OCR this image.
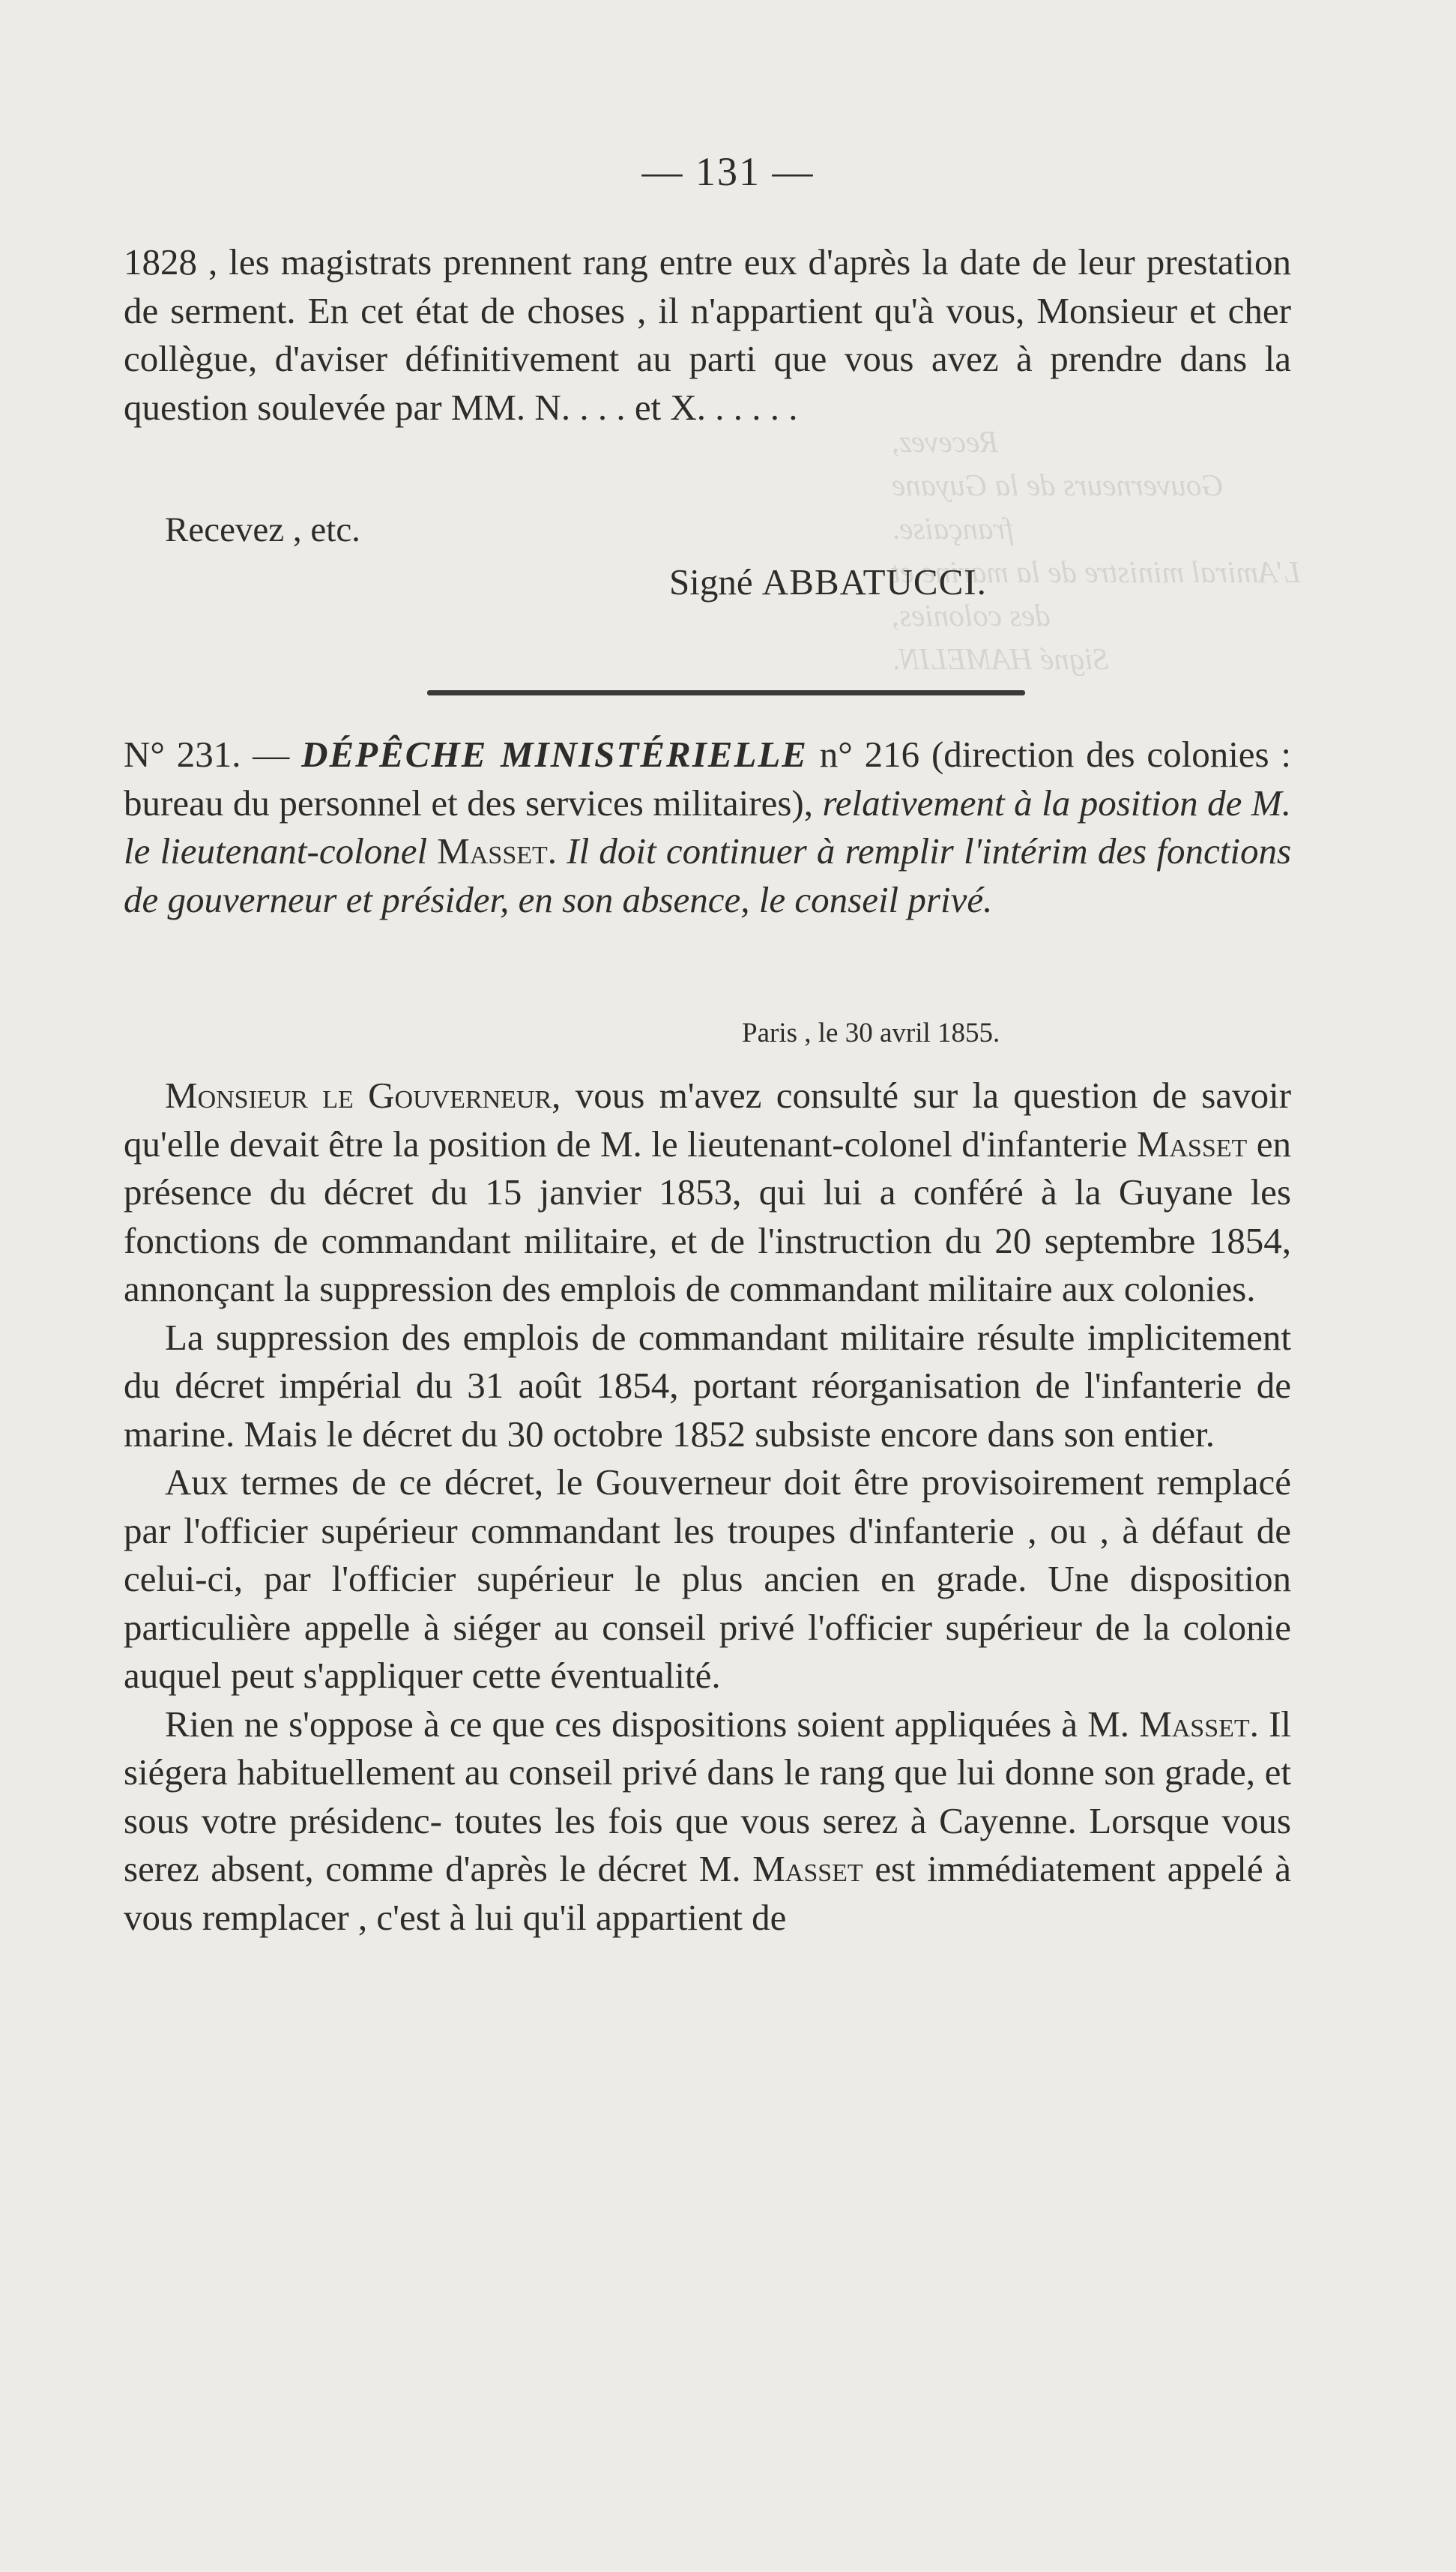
Recevez,
Gouverneurs de la Guyane française.
L'Amiral ministre de la marine et des colonies,
Signé HAMELIN.
— 131 —
1828 , les magistrats prennent rang entre eux d'après la date de leur prestation de serment. En cet état de choses , il n'appartient qu'à vous, Monsieur et cher collègue, d'aviser définitivement au parti que vous avez à prendre dans la question soulevée par MM. N. . . . et X. . . . . .
Recevez , etc.
Signé ABBATUCCI.
N° 231. — DÉPÊCHE MINISTÉRIELLE n° 216 (direction des colonies : bureau du personnel et des services militaires), relativement à la position de M. le lieutenant-colonel Masset. Il doit continuer à remplir l'intérim des fonctions de gouverneur et présider, en son absence, le conseil privé.
Paris , le 30 avril 1855.
Monsieur le Gouverneur, vous m'avez consulté sur la question de savoir qu'elle devait être la position de M. le lieutenant-colonel d'infanterie Masset en présence du décret du 15 janvier 1853, qui lui a conféré à la Guyane les fonctions de commandant militaire, et de l'instruction du 20 septembre 1854, annonçant la suppression des emplois de commandant militaire aux colonies.
La suppression des emplois de commandant militaire résulte implicitement du décret impérial du 31 août 1854, portant réorganisation de l'infanterie de marine. Mais le décret du 30 octobre 1852 subsiste encore dans son entier.
Aux termes de ce décret, le Gouverneur doit être provisoirement remplacé par l'officier supérieur commandant les troupes d'infanterie , ou , à défaut de celui-ci, par l'officier supérieur le plus ancien en grade. Une disposition particulière appelle à siéger au conseil privé l'officier supérieur de la colonie auquel peut s'appliquer cette éventualité.
Rien ne s'oppose à ce que ces dispositions soient appliquées à M. Masset. Il siégera habituellement au conseil privé dans le rang que lui donne son grade, et sous votre présidenc- toutes les fois que vous serez à Cayenne. Lorsque vous serez absent, comme d'après le décret M. Masset est immédiatement appelé à vous remplacer , c'est à lui qu'il appartient de
